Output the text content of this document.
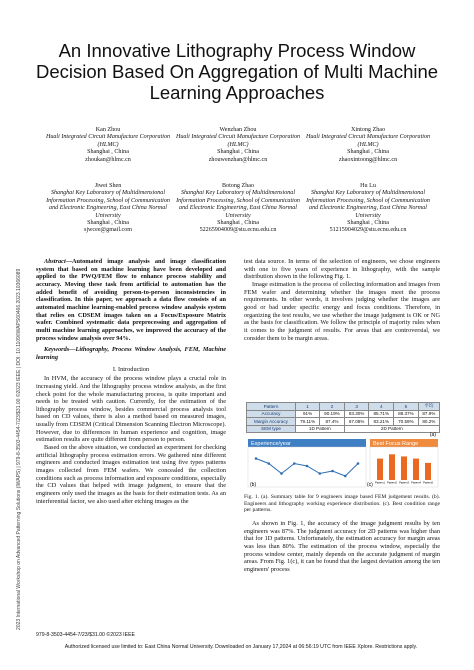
2023 International Workshop on Advanced Patterning Solutions (IWAPS) | 979-8-3503-4454-7/23/$31.00 ©2023 IEEE | DOI: 10.1109/IWAPS60466.2023.10366089
An Innovative Lithography Process Window Decision Based On Aggregation of Multi Machine Learning Approaches
Kan Zhou
Huali Integrated Circuit Manufacture Corporation (HLMC)
Shanghai , China
zhoukan@hlmc.cn
Wenzhan Zhou
Huali Integrated Circuit Manufacture Corporation (HLMC)
Shanghai , China
zhouwenzhan@hlmc.cn
Xintong Zhao
Huali Integrated Circuit Manufacture Corporation (HLMC)
Shanghai , China
zhaoxintoong@hlmc.cn
Jiwei Shen
Shanghai Key Laboratory of Multidimensional Information Processing, School of Communication and Electronic Engineering, East China Normal University
Shanghai , China
sjwcee@gmail.com
Botong Zhao
Shanghai Key Laboratory of Multidimensional Information Processing, School of Communication and Electronic Engineering, East China Normal University
Shanghai , China
52265904009@stu.ecnu.edu.cn
Hu Lu
Shanghai Key Laboratory of Multidimensional Information Processing, School of Communication and Electronic Engineering, East China Normal University
Shanghai , China
51215904029@stu.ecnu.edu.cn

Abstract—Automated image analysis and image classification system that based on machine learning have been developed and applied to the PWQ/FEM flow to enhance process stability and accuracy. Moving these task from artificial to automation has the added benefit of avoiding person-to-person inconsistencies in classification. In this paper, we approach a data flow consists of an automated machine learning-enabled process window analysis system that relies on CDSEM images taken on a Focus/Exposure Matrix wafer. Combined systematic data preprocessing and aggregation of multi machine learning approaches, we improved the accuracy of the process window analysis over 94%.

Keywords—Lithography, Process Window Analysis, FEM, Machine learning

I. Introduction

In HVM, the accuracy of the process window plays a crucial role in increasing yield. And the lithography process window analysis, as the first check point for the whole manufacturing process, is quite important and needs to be treated with caution. Currently, for the estimation of the lithography process window, besides commercial process analysis tool based on CD values, there is also a method based on measured images, usually from CDSEM (Critical Dimension Scanning Electron Microscope). However, due to differences in human experience and cognition, image estimation results are quite different from person to person.

Based on the above situation, we conducted an experiment for checking artificial lithography process estimation errors. We gathered nine different engineers and conducted images estimation test using five types patterns images collected from FEM wafers. We concealed the collection conditions such as process information and exposure conditions, especially the CD values that helped with image judgment, to ensure that the engineers only used the images as the basis for their estimation tests. As an interferential factor, we also used after etching images as the

test data source. In terms of the selection of engineers, we chose engineers with one to five years of experience in lithography, with the sample distribution shown in the following Fig. 1.

Image estimation is the process of collecting information and images from FEM wafer and determining whether the images meet the process requirements. In other words, it involves judging whether the images are good or bad under specific energy and focus conditions. Therefore, in organizing the test results, we use whether the image judgment is OK or NG as the basis for classification. We follow the principle of majority rules when it comes to the judgment of results. For areas that are controversial, we consider them to be margin areas.

Pattern	1	2	3	4	5	平均
Accuracy	91%	90.19%	83.30%	85.71%	88.37%	87.9%
Margin Accuracy	79.11%	87.4%	67.08%	83.21%	70.59%	80.2%
SEM type	1D Pattern		2D Pattern			
(a)
Experience/year
(b)
Best Focus Range
Pattern1 Pattern2 Pattern3 Pattern4 Pattern5
(c)
Fig. 1. (a). Summary table for 9 engineers image based FEM judgement results. (b). Engineers and lithography working experience distribution. (c). Best condition range per patterns.

As shown in Fig. 1, the accuracy of the image judgment results by ten engineers was 87%. The judgment accuracy for 2D patterns was higher than that for 1D patterns. Unfortunately, the estimation accuracy for margin areas was less than 80%. The estimation of the process window, especially the process window center, mainly depends on the accurate judgment of margin areas. From Fig. 1(c), it can be found that the largest deviation among the ten engineers' process

979-8-3503-4454-7/23/$31.00 ©2023 IEEE
Authorized licensed use limited to: East China Normal University. Downloaded on January 17,2024 at 06:56:19 UTC from IEEE Xplore. Restrictions apply.
